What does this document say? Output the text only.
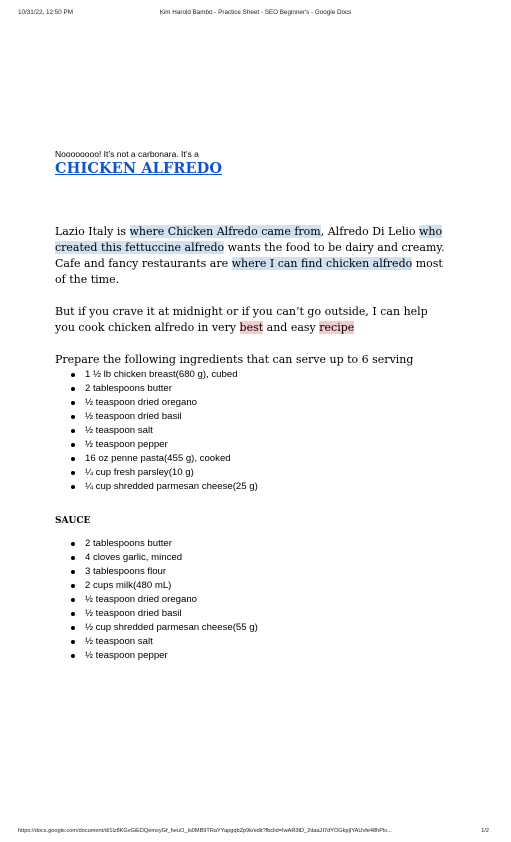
10/31/22, 12:50 PM	Kim Harold Bambo - Practice Sheet - SEO Beginner's - Google Docs
Noooooooo! It’s not a carbonara. It’s a
CHICKEN ALFREDO
Lazio Italy is where Chicken Alfredo came from, Alfredo Di Lelio who created this fettuccine alfredo wants the food to be dairy and creamy. Cafe and fancy restaurants are where I can find chicken alfredo most of the time.
But if you crave it at midnight or if you can’t go outside, I can help you cook chicken alfredo in very best and easy recipe
Prepare the following ingredients that can serve up to 6 serving
1 ½ lb chicken breast(680 g), cubed
2 tablespoons butter
½ teaspoon dried oregano
½ teaspoon dried basil
½ teaspoon salt
½ teaspoon pepper
16 oz penne pasta(455 g), cooked
¼ cup fresh parsley(10 g)
¼ cup shredded parmesan cheese(25 g)
SAUCE
2 tablespoons butter
4 cloves garlic, minced
3 tablespoons flour
2 cups milk(480 mL)
½ teaspoon dried oregano
½ teaspoon dried basil
½ cup shredded parmesan cheese(55 g)
½ teaspoon salt
½ teaspoon pepper
https://docs.google.com/document/d/1lz8KGvGiEDQemsyGf_heuO_Is0MB9TRaYYapgqbZp9k/edit?fbclid=IwAR3tD_2daaJI7dYOGkpjIYAUvfe48hPlo...	1/2
